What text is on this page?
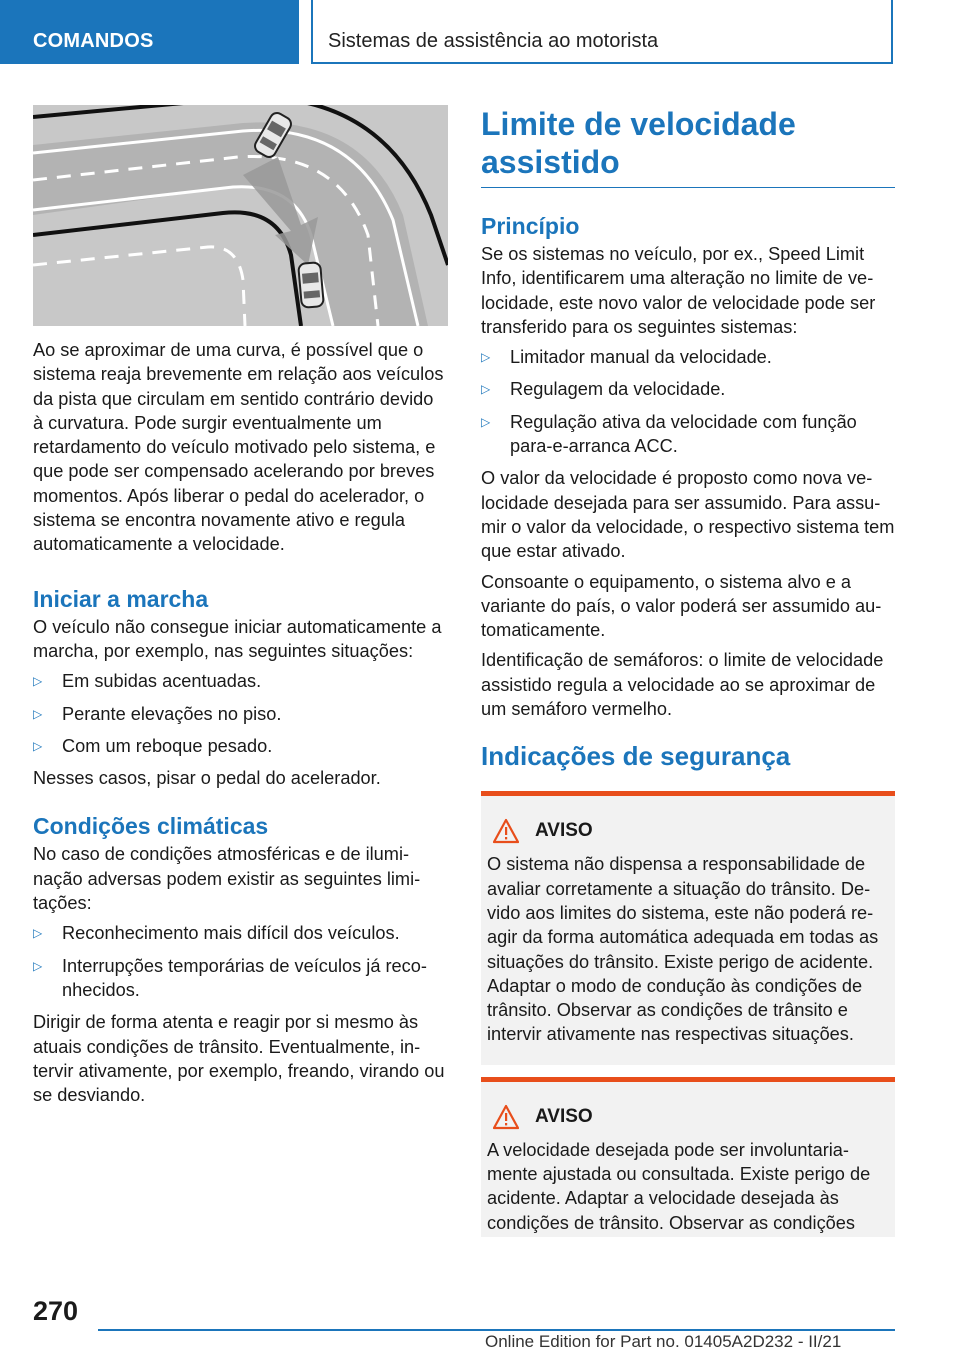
COMANDOS	Sistemas de assistência ao motorista

Ao se aproximar de uma curva, é possível que o sistema reaja brevemente em relação aos veículos da pista que circulam em sentido contrário devido à curvatura. Pode surgir eventualmente um retardamento do veículo motivado pelo sistema, e que pode ser compensado acelerando por breves momentos. Após liberar o pedal do acelerador, o sistema se encontra novamente ativo e regula automaticamente a velocidade.

Iniciar a marcha

O veículo não consegue iniciar automaticamente a marcha, por exemplo, nas seguintes situações:

▷ Em subidas acentuadas.
▷ Perante elevações no piso.
▷ Com um reboque pesado.

Nesses casos, pisar o pedal do acelerador.

Condições climáticas

No caso de condições atmosféricas e de iluminação adversas podem existir as seguintes limitações:

▷ Reconhecimento mais difícil dos veículos.
▷ Interrupções temporárias de veículos já reconhecidos.

Dirigir de forma atenta e reagir por si mesmo às atuais condições de trânsito. Eventualmente, intervir ativamente, por exemplo, freando, virando ou se desviando.

Limite de velocidade assistido
Princípio

Se os sistemas no veículo, por ex., Speed Limit Info, identificarem uma alteração no limite de velocidade, este novo valor de velocidade pode ser transferido para os seguintes sistemas:

▷ Limitador manual da velocidade.
▷ Regulagem da velocidade.
▷ Regulação ativa da velocidade com função para-e-arranca ACC.

O valor da velocidade é proposto como nova velocidade desejada para ser assumido. Para assumir o valor da velocidade, o respectivo sistema tem que estar ativado.

Consoante o equipamento, o sistema alvo e a variante do país, o valor poderá ser assumido automaticamente.

Identificação de semáforos: o limite de velocidade assistido regula a velocidade ao se aproximar de um semáforo vermelho.

Indicações de segurança
AVISO

O sistema não dispensa a responsabilidade de avaliar corretamente a situação do trânsito. Devido aos limites do sistema, este não poderá reagir da forma automática adequada em todas as situações do trânsito. Existe perigo de acidente. Adaptar o modo de condução às condições de trânsito. Observar as condições de trânsito e intervir ativamente nas respectivas situações.

AVISO

A velocidade desejada pode ser involuntariamente ajustada ou consultada. Existe perigo de acidente. Adaptar a velocidade desejada às condições de trânsito. Observar as condições

270
Online Edition for Part no. 01405A2D232 - II/21
